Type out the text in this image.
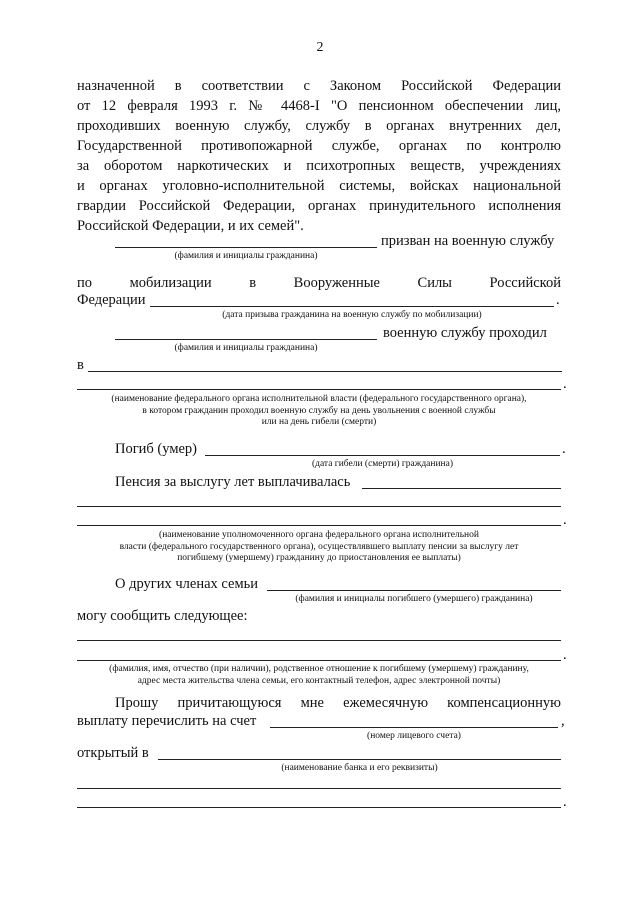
2
назначенной в соответствии с Законом Российской Федерации
от 12 февраля 1993 г. № 4468-I "О пенсионном обеспечении лиц,
проходивших военную службу, службу в органах внутренних дел,
Государственной противопожарной службе, органах по контролю
за оборотом наркотических и психотропных веществ, учреждениях
и органах уголовно-исполнительной системы, войсках национальной
гвардии Российской Федерации, органах принудительного исполнения
Российской Федерации, и их семей".
призван на военную службу
(фамилия и инициалы гражданина)
по мобилизации в Вооруженные Силы Российской
Федерации	.
(дата призыва гражданина на военную службу по мобилизации)
военную службу проходил
(фамилия и инициалы гражданина)
в
.
(наименование федерального органа исполнительной власти (федерального государственного органа),
в котором гражданин проходил военную службу на день увольнения с военной службы
или на день гибели (смерти)
Погиб (умер)	.
(дата гибели (смерти) гражданина)
Пенсия за выслугу лет выплачивалась
.
(наименование уполномоченного органа федерального органа исполнительной
власти (федерального государственного органа), осуществлявшего выплату пенсии за выслугу лет
погибшему (умершему) гражданину до приостановления ее выплаты)
О других членах семьи
(фамилия и инициалы погибшего (умершего) гражданина)
могу сообщить следующее:
.
(фамилия, имя, отчество (при наличии), родственное отношение к погибшему (умершему) гражданину,
адрес места жительства члена семьи, его контактный телефон, адрес электронной почты)
Прошу причитающуюся мне ежемесячную компенсационную
выплату перечислить на счет	,
(номер лицевого счета)
открытый в
(наименование банка и его реквизиты)
.
